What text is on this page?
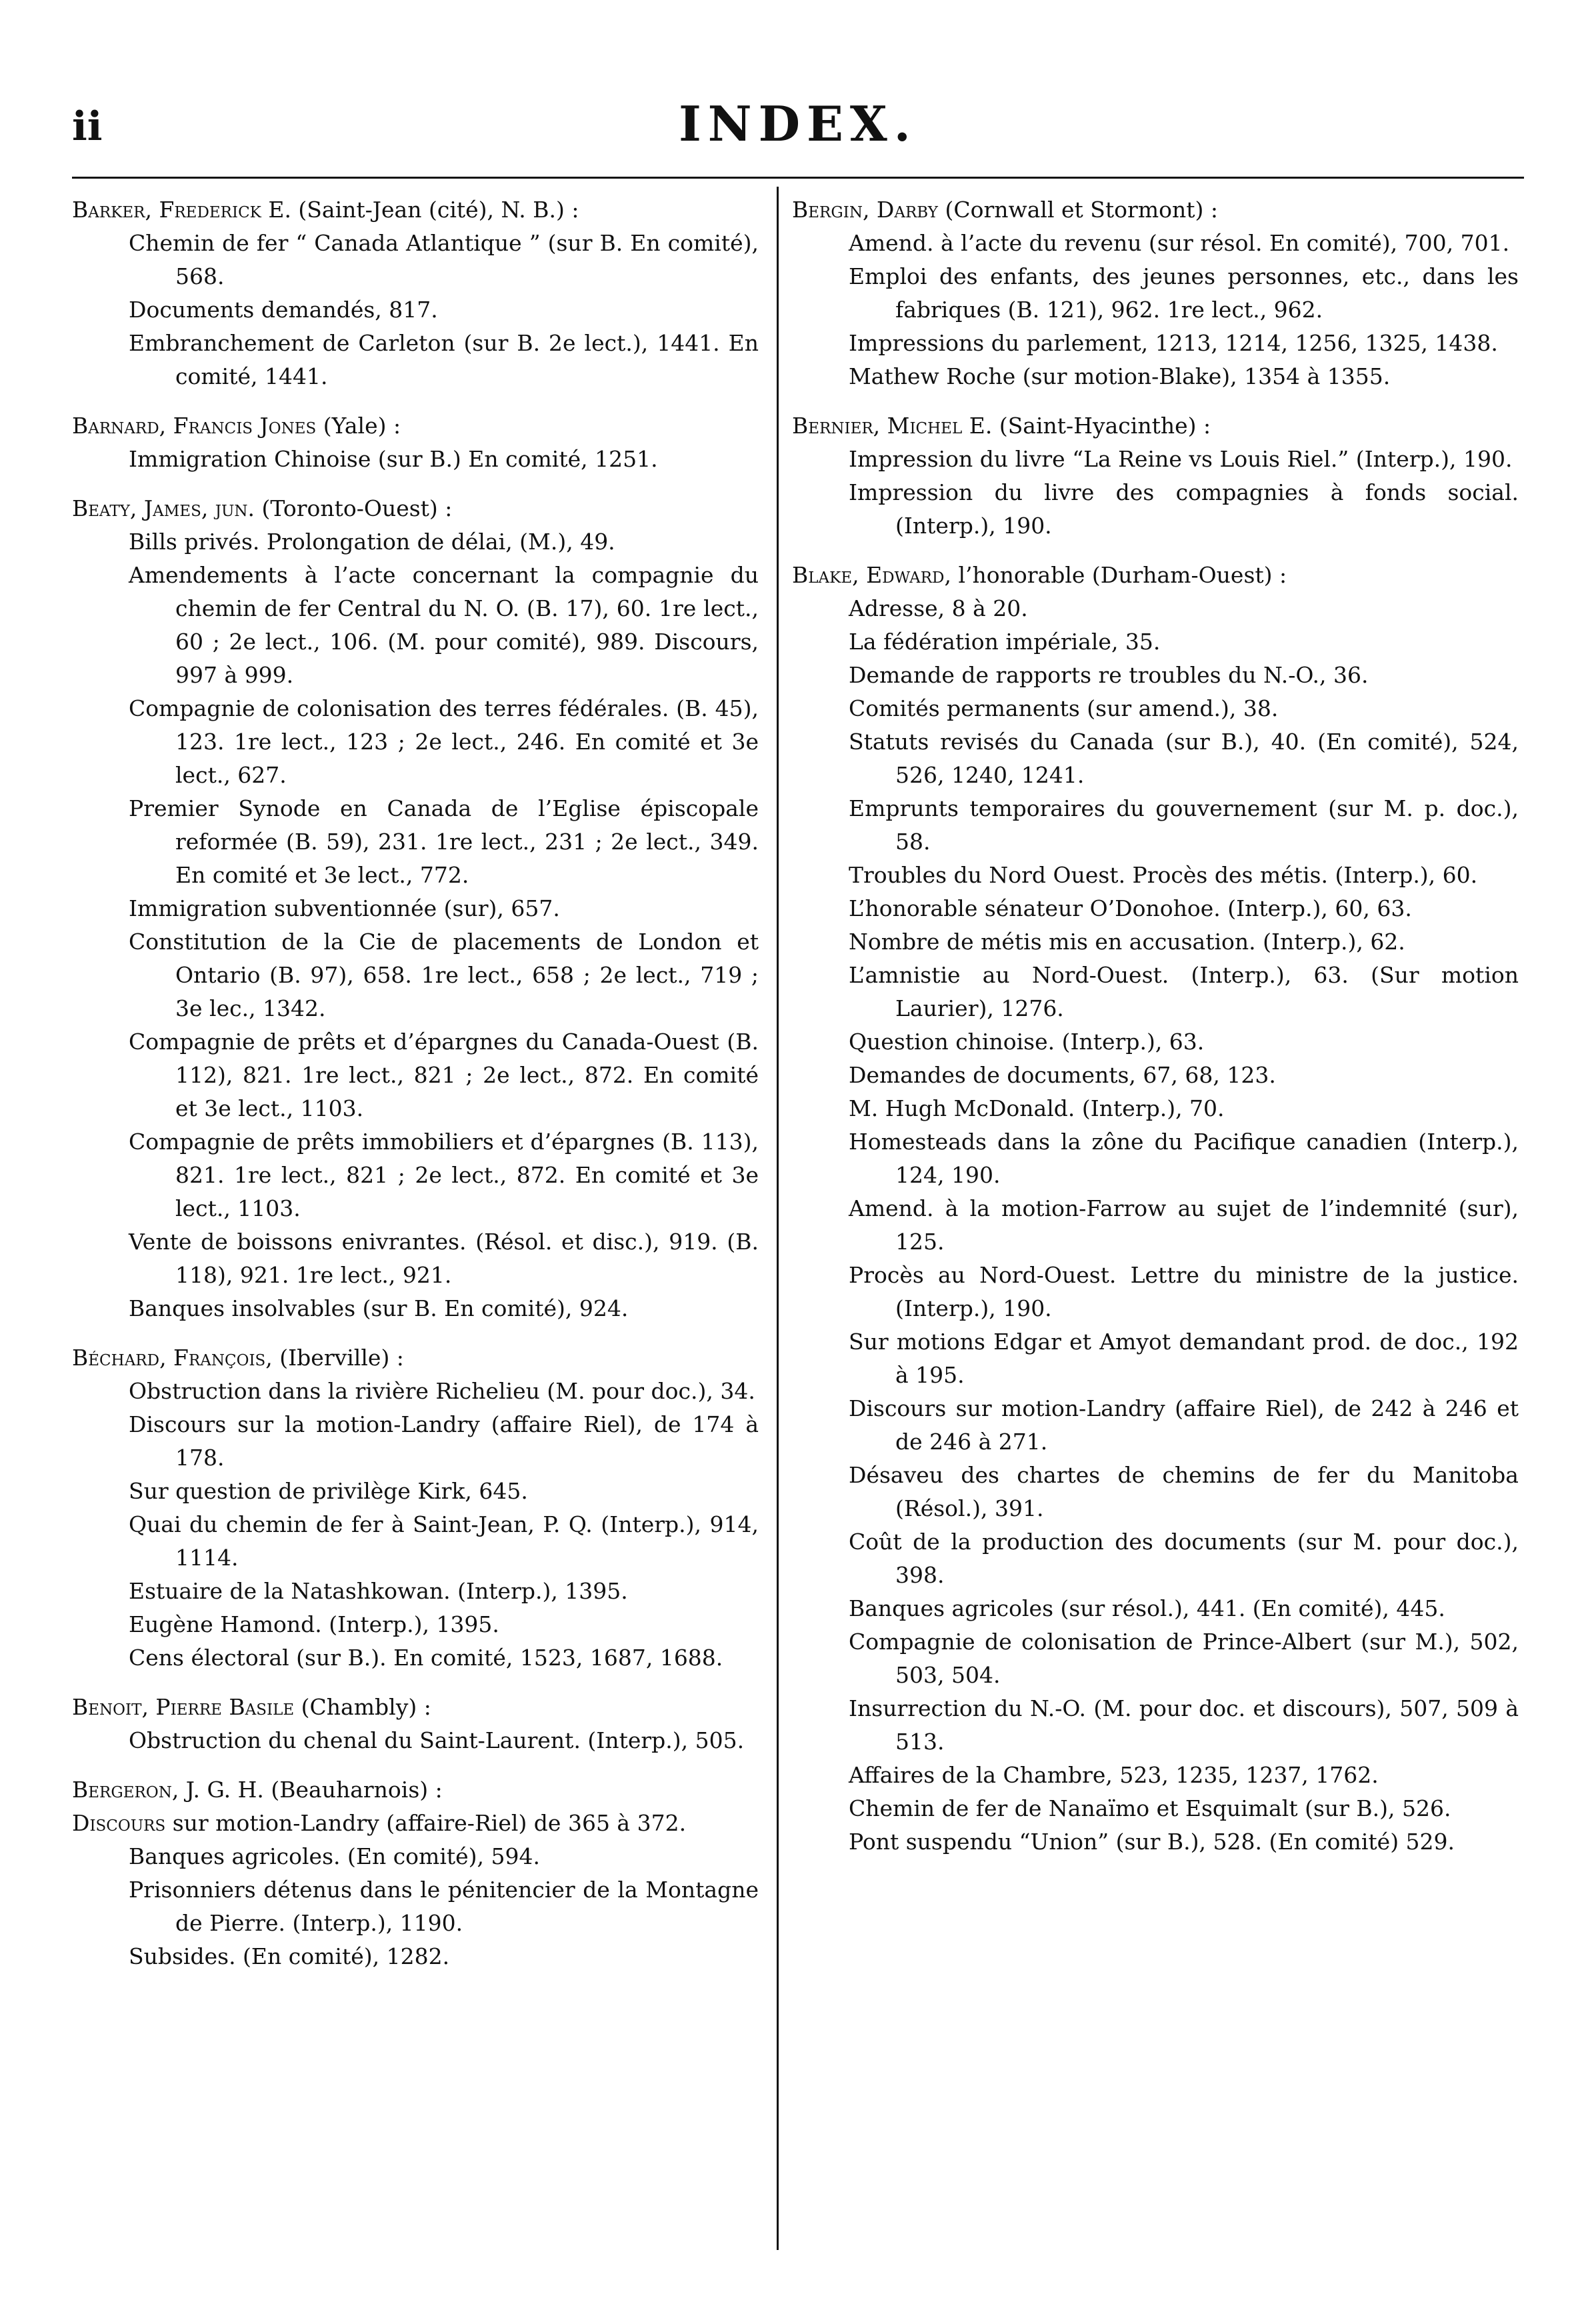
ii	INDEX.
Barker, Frederick E. (Saint-Jean (cité), N. B.) :
Chemin de fer “ Canada Atlantique ” (sur B. En comité), 568.
Documents demandés, 817.
Embranchement de Carleton (sur B. 2e lect.), 1441. En comité, 1441.
Barnard, Francis Jones (Yale) :
Immigration Chinoise (sur B.) En comité, 1251.
Beaty, James, jun. (Toronto-Ouest) :
Bills privés. Prolongation de délai, (M.), 49.
Amendements à l’acte concernant la compagnie du chemin de fer Central du N. O. (B. 17), 60. 1re lect., 60 ; 2e lect., 106. (M. pour comité), 989. Discours, 997 à 999.
Compagnie de colonisation des terres fédérales. (B. 45), 123. 1re lect., 123 ; 2e lect., 246. En comité et 3e lect., 627.
Premier Synode en Canada de l’Eglise épiscopale reformée (B. 59), 231. 1re lect., 231 ; 2e lect., 349. En comité et 3e lect., 772.
Immigration subventionnée (sur), 657.
Constitution de la Cie de placements de London et Ontario (B. 97), 658. 1re lect., 658 ; 2e lect., 719 ; 3e lec., 1342.
Compagnie de prêts et d’épargnes du Canada-Ouest (B. 112), 821. 1re lect., 821 ; 2e lect., 872. En comité et 3e lect., 1103.
Compagnie de prêts immobiliers et d’épargnes (B. 113), 821. 1re lect., 821 ; 2e lect., 872. En comité et 3e lect., 1103.
Vente de boissons enivrantes. (Résol. et disc.), 919. (B. 118), 921. 1re lect., 921.
Banques insolvables (sur B. En comité), 924.
Béchard, François, (Iberville) :
Obstruction dans la rivière Richelieu (M. pour doc.), 34.
Discours sur la motion-Landry (affaire Riel), de 174 à 178.
Sur question de privilège Kirk, 645.
Quai du chemin de fer à Saint-Jean, P. Q. (Interp.), 914, 1114.
Estuaire de la Natashkowan. (Interp.), 1395.
Eugène Hamond. (Interp.), 1395.
Cens électoral (sur B.). En comité, 1523, 1687, 1688.
Benoit, Pierre Basile (Chambly) :
Obstruction du chenal du Saint-Laurent. (Interp.), 505.
Bergeron, J. G. H. (Beauharnois) :
Discours sur motion-Landry (affaire-Riel) de 365 à 372.
Banques agricoles. (En comité), 594.
Prisonniers détenus dans le pénitencier de la Montagne de Pierre. (Interp.), 1190.
Subsides. (En comité), 1282.
Bergin, Darby (Cornwall et Stormont) :
Amend. à l’acte du revenu (sur résol. En comité), 700, 701.
Emploi des enfants, des jeunes personnes, etc., dans les fabriques (B. 121), 962. 1re lect., 962.
Impressions du parlement, 1213, 1214, 1256, 1325, 1438.
Mathew Roche (sur motion-Blake), 1354 à 1355.
Bernier, Michel E. (Saint-Hyacinthe) :
Impression du livre “La Reine vs Louis Riel.” (Interp.), 190.
Impression du livre des compagnies à fonds social. (Interp.), 190.
Blake, Edward, l’honorable (Durham-Ouest) :
Adresse, 8 à 20.
La fédération impériale, 35.
Demande de rapports re troubles du N.-O., 36.
Comités permanents (sur amend.), 38.
Statuts revisés du Canada (sur B.), 40. (En comité), 524, 526, 1240, 1241.
Emprunts temporaires du gouvernement (sur M. p. doc.), 58.
Troubles du Nord Ouest. Procès des métis. (Interp.), 60.
L’honorable sénateur O’Donohoe. (Interp.), 60, 63.
Nombre de métis mis en accusation. (Interp.), 62.
L’amnistie au Nord-Ouest. (Interp.), 63. (Sur motion Laurier), 1276.
Question chinoise. (Interp.), 63.
Demandes de documents, 67, 68, 123.
M. Hugh McDonald. (Interp.), 70.
Homesteads dans la zône du Pacifique canadien (Interp.), 124, 190.
Amend. à la motion-Farrow au sujet de l’indemnité (sur), 125.
Procès au Nord-Ouest. Lettre du ministre de la justice. (Interp.), 190.
Sur motions Edgar et Amyot demandant prod. de doc., 192 à 195.
Discours sur motion-Landry (affaire Riel), de 242 à 246 et de 246 à 271.
Désaveu des chartes de chemins de fer du Manitoba (Résol.), 391.
Coût de la production des documents (sur M. pour doc.), 398.
Banques agricoles (sur résol.), 441. (En comité), 445.
Compagnie de colonisation de Prince-Albert (sur M.), 502, 503, 504.
Insurrection du N.-O. (M. pour doc. et discours), 507, 509 à 513.
Affaires de la Chambre, 523, 1235, 1237, 1762.
Chemin de fer de Nanaïmo et Esquimalt (sur B.), 526.
Pont suspendu “Union” (sur B.), 528. (En comité) 529.
